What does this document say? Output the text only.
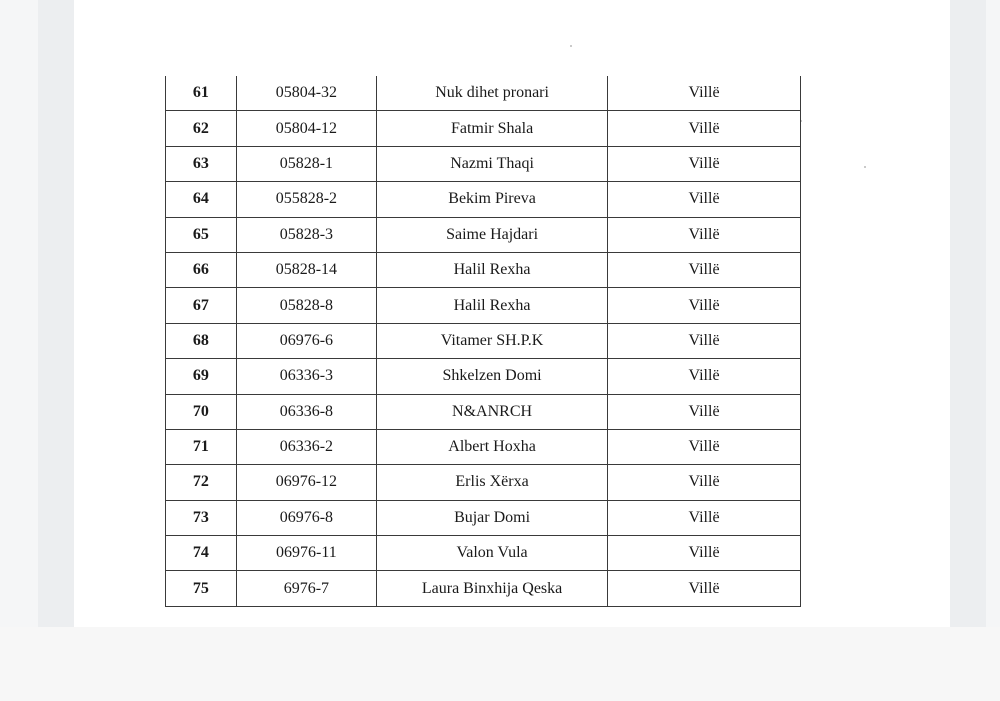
61	05804-32	Nuk dihet pronari	Villë
62	05804-12	Fatmir Shala	Villë
63	05828-1	Nazmi Thaqi	Villë
64	055828-2	Bekim Pireva	Villë
65	05828-3	Saime Hajdari	Villë
66	05828-14	Halil Rexha	Villë
67	05828-8	Halil Rexha	Villë
68	06976-6	Vitamer SH.P.K	Villë
69	06336-3	Shkelzen Domi	Villë
70	06336-8	N&ANRCH	Villë
71	06336-2	Albert Hoxha	Villë
72	06976-12	Erlis Xërxa	Villë
73	06976-8	Bujar Domi	Villë
74	06976-11	Valon Vula	Villë
75	6976-7	Laura Binxhija Qeska	Villë
